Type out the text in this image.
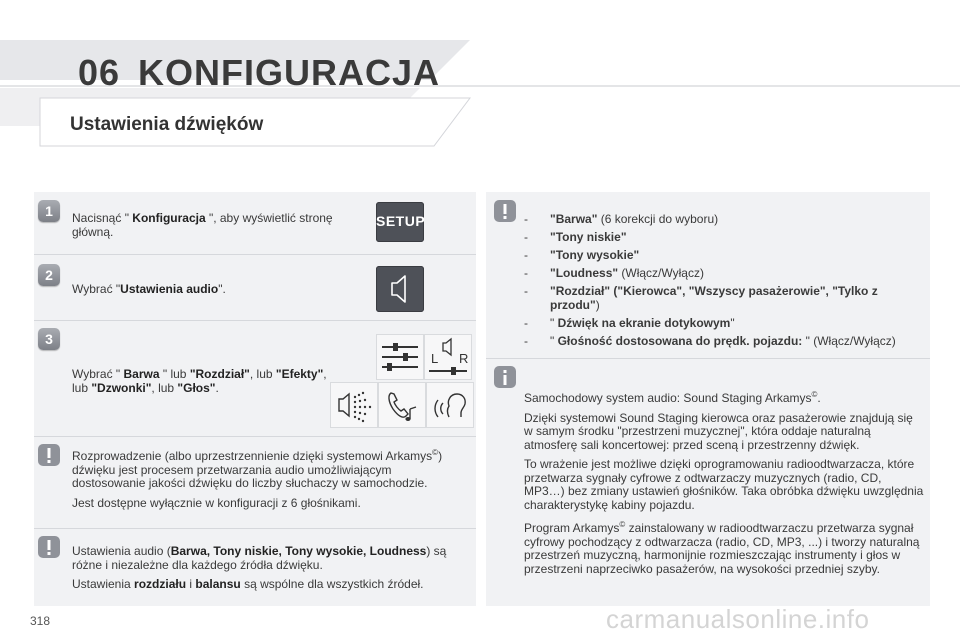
06 KONFIGURACJA
Ustawienia dźwięków
1	Nacisnąć " Konfiguracja ", aby wyświetlić stronę główną.
SETUP
2
Wybrać "Ustawienia audio".
3
Wybrać " Barwa " lub "Rozdział", lub "Efekty", lub "Dzwonki", lub "Głos".
L R

Rozprowadzenie (albo uprzestrzennienie dzięki systemowi Arkamys©) dźwięku jest procesem przetwarzania audio umożliwiającym dostosowanie jakości dźwięku do liczby słuchaczy w samochodzie.

Jest dostępne wyłącznie w konfiguracji z 6 głośnikami.

Ustawienia audio (Barwa, Tony niskie, Tony wysokie, Loudness) są różne i niezależne dla każdego źródła dźwięku.

Ustawienia rozdziału i balansu są wspólne dla wszystkich źródeł.

- "Barwa" (6 korekcji do wyboru)
- "Tony niskie"
- "Tony wysokie"
- "Loudness" (Włącz/Wyłącz)
- "Rozdział" ("Kierowca", "Wszyscy pasażerowie", "Tylko z przodu")
- " Dźwięk na ekranie dotykowym"
- " Głośność dostosowana do prędk. pojazdu: " (Włącz/Wyłącz)

Samochodowy system audio: Sound Staging Arkamys©.

Dzięki systemowi Sound Staging kierowca oraz pasażerowie znajdują się w samym środku "przestrzeni muzycznej", która oddaje naturalną atmosferę sali koncertowej: przed sceną i przestrzenny dźwięk.

To wrażenie jest możliwe dzięki oprogramowaniu radioodtwarzacza, które przetwarza sygnały cyfrowe z odtwarzaczy muzycznych (radio, CD, MP3…) bez zmiany ustawień głośników. Taka obróbka dźwięku uwzględnia charakterystykę kabiny pojazdu.

Program Arkamys© zainstalowany w radioodtwarzaczu przetwarza sygnał cyfrowy pochodzący z odtwarzacza (radio, CD, MP3, ...) i tworzy naturalną przestrzeń muzyczną, harmonijnie rozmieszczając instrumenty i głos w przestrzeni naprzeciwko pasażerów, na wysokości przedniej szyby.

318	carmanualsonline.info
